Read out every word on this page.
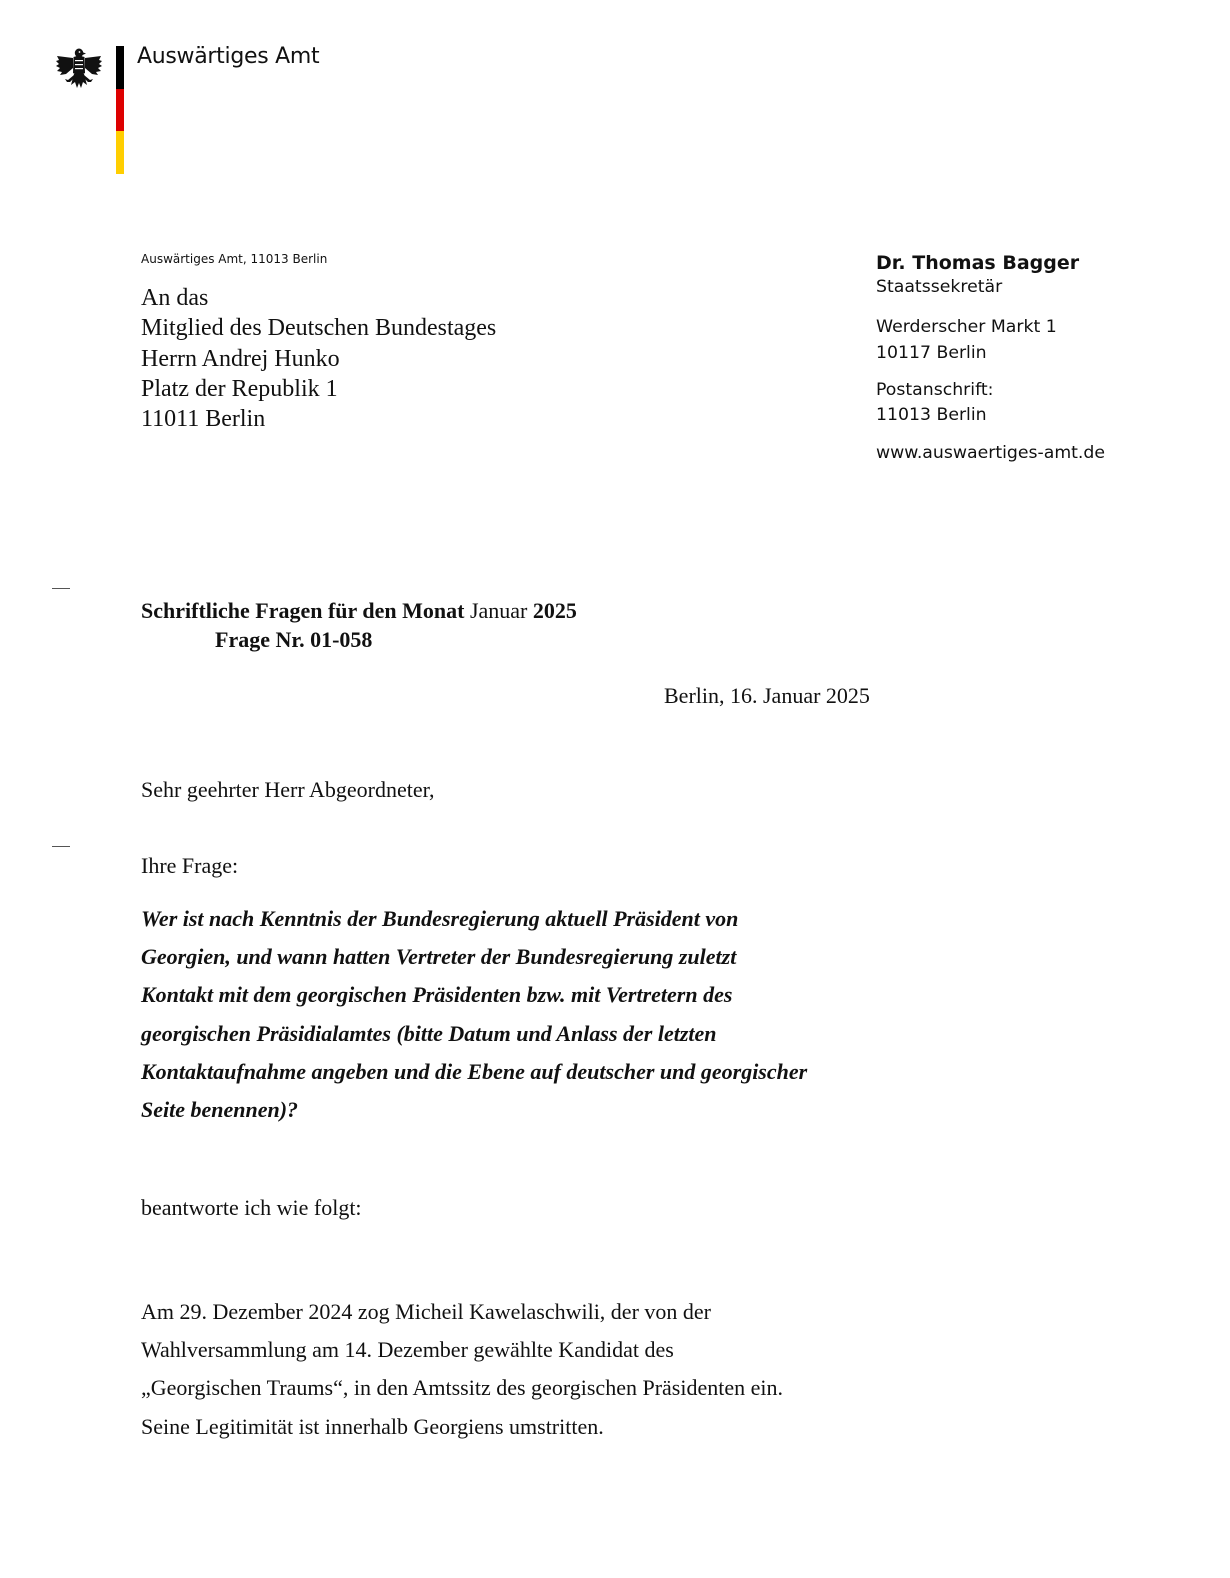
Auswärtiges Amt
Auswärtiges Amt, 11013 Berlin
An das
Mitglied des Deutschen Bundestages
Herrn Andrej Hunko
Platz der Republik 1
11011 Berlin
Dr. Thomas Bagger
Staatssekretär
Werderscher Markt 1
10117 Berlin
Postanschrift:
11013 Berlin
www.auswaertiges-amt.de
Schriftliche Fragen für den Monat Januar 2025
Frage Nr. 01-058
Berlin, 16. Januar 2025
Sehr geehrter Herr Abgeordneter,
Ihre Frage:
Wer ist nach Kenntnis der Bundesregierung aktuell Präsident von
Georgien, und wann hatten Vertreter der Bundesregierung zuletzt
Kontakt mit dem georgischen Präsidenten bzw. mit Vertretern des
georgischen Präsidialamtes (bitte Datum und Anlass der letzten
Kontaktaufnahme angeben und die Ebene auf deutscher und georgischer
Seite benennen)?
beantworte ich wie folgt:
Am 29. Dezember 2024 zog Micheil Kawelaschwili, der von der
Wahlversammlung am 14. Dezember gewählte Kandidat des
„Georgischen Traums“, in den Amtssitz des georgischen Präsidenten ein.
Seine Legitimität ist innerhalb Georgiens umstritten.
